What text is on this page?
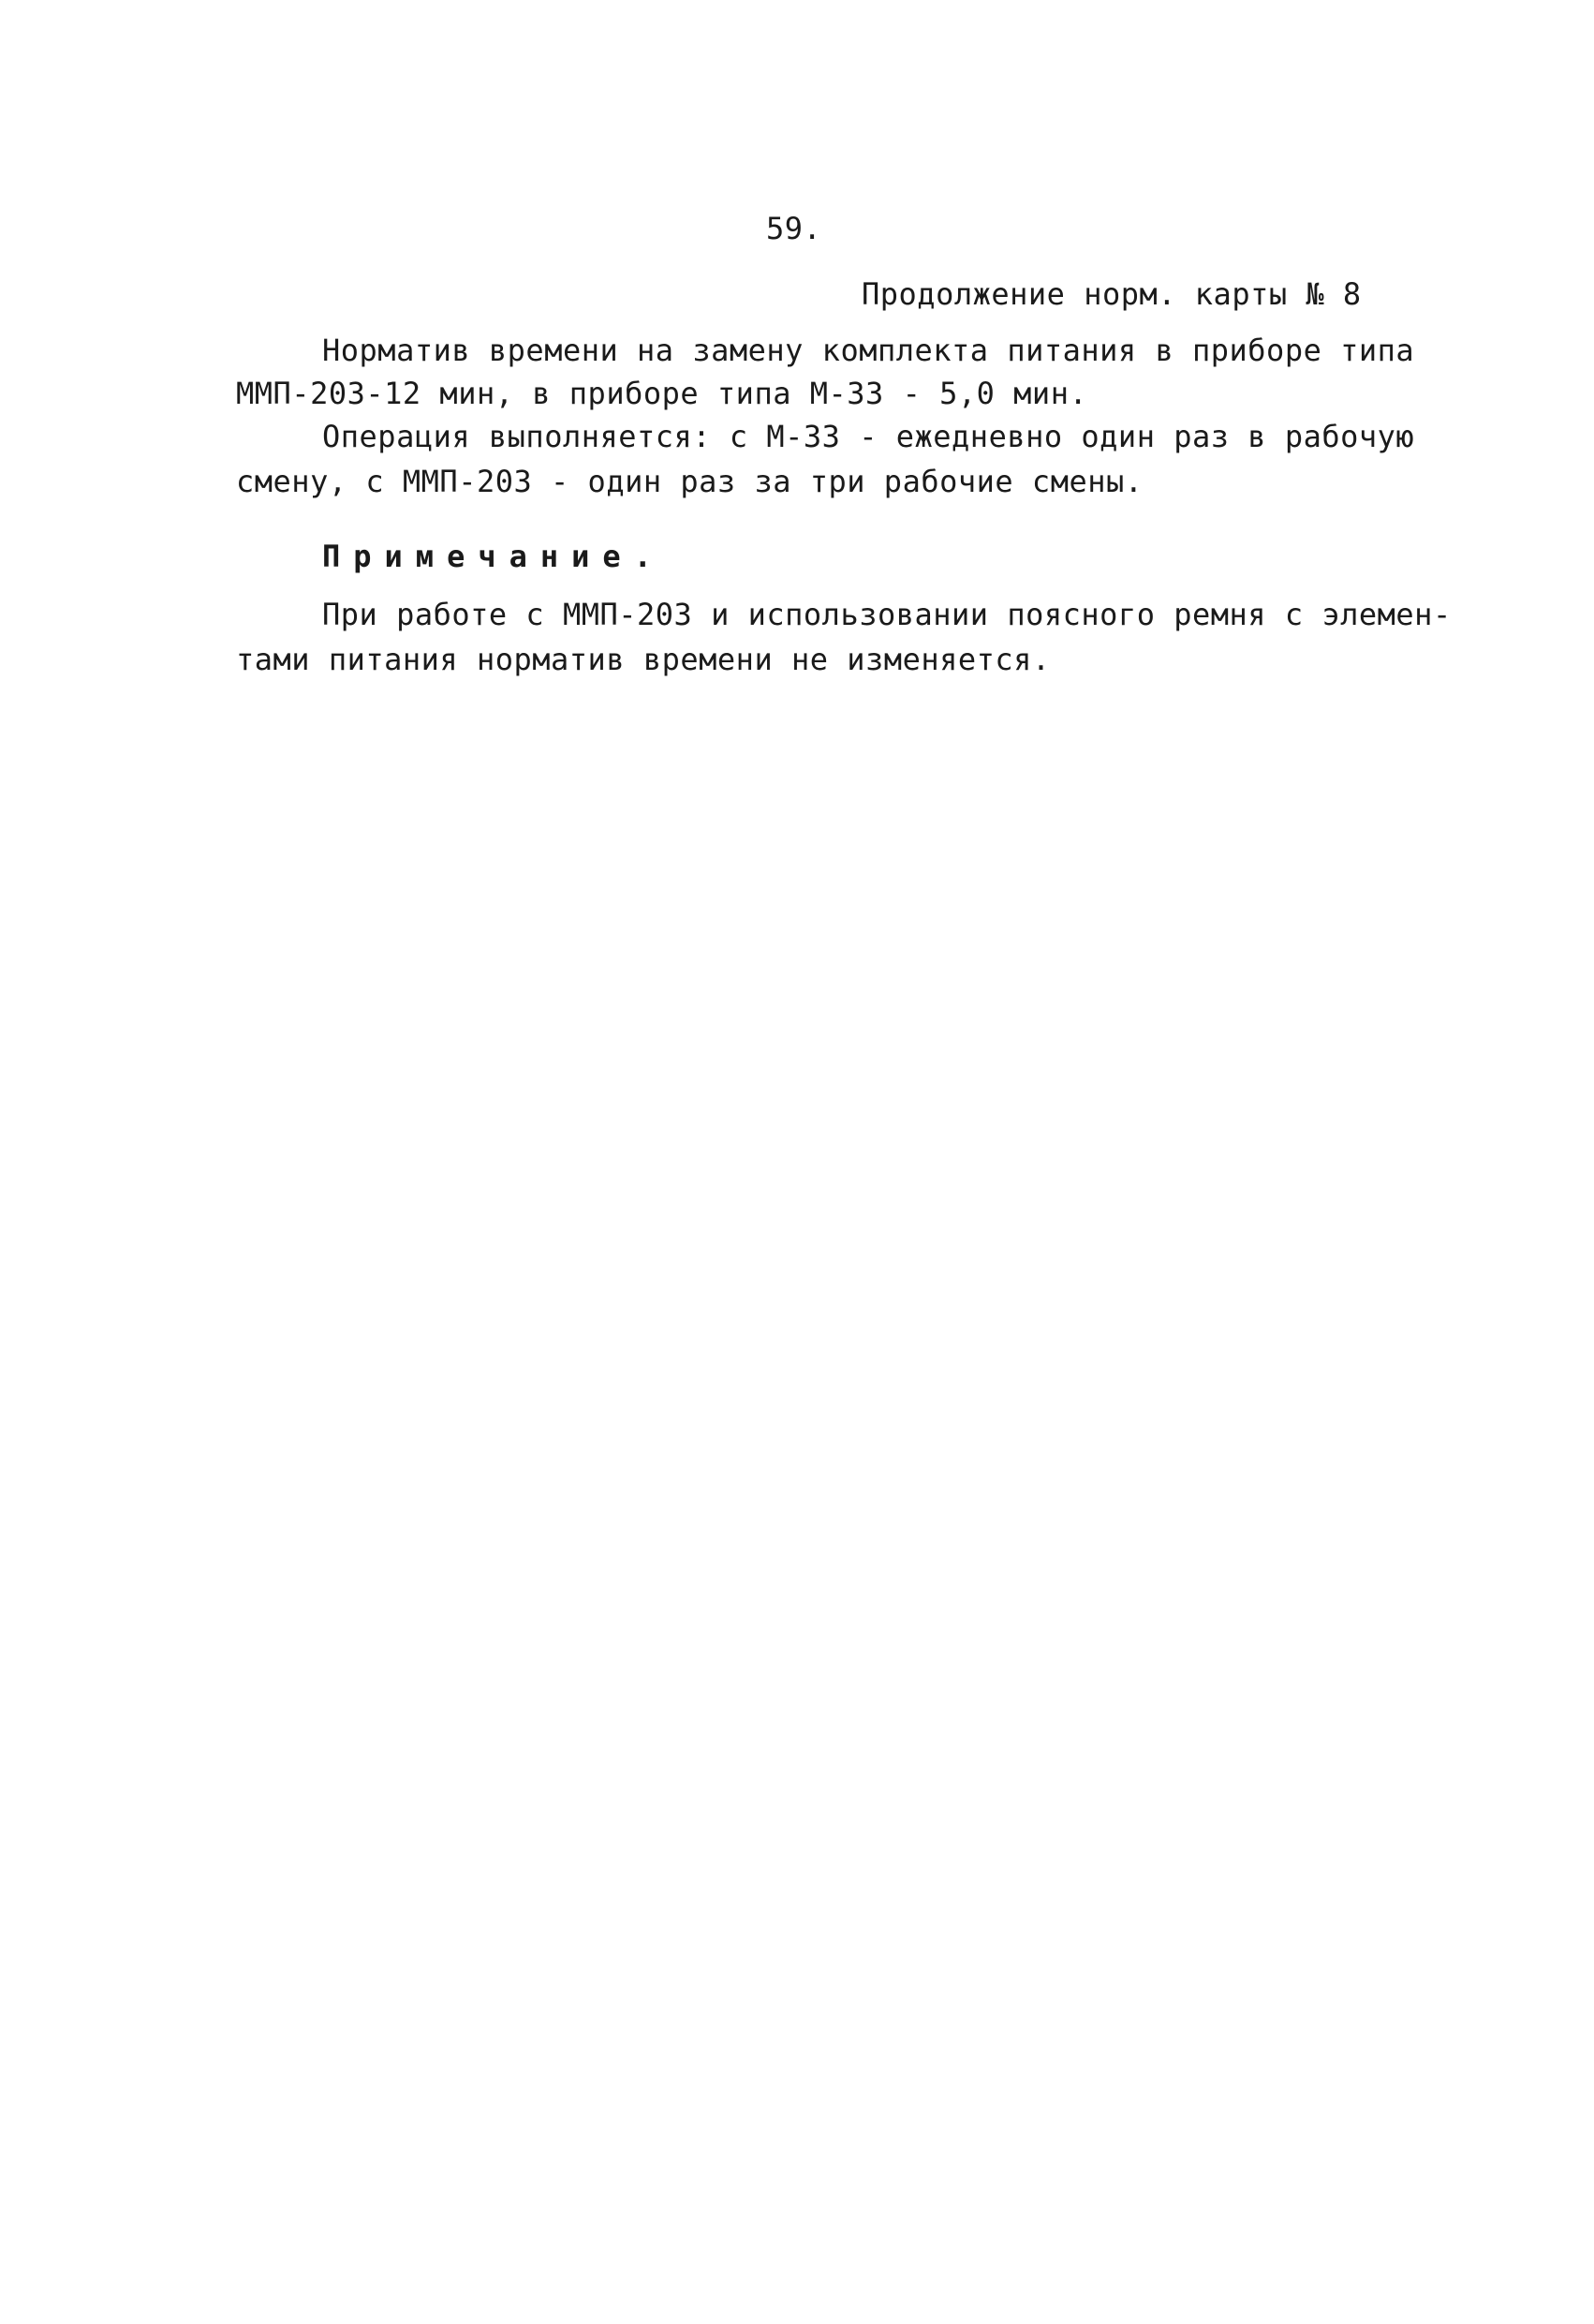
59.
Продолжение норм. карты № 8
Норматив времени на замену комплекта питания в приборе типа
ММП-203-12 мин, в приборе типа М-33 - 5,0 мин.
Операция выполняется: с М-33 - ежедневно один раз в рабочую
смену, с ММП-203 - один раз за три рабочие смены.
Примечание.
При работе с ММП-203 и использовании поясного ремня с элемен-
тами питания норматив времени не изменяется.
